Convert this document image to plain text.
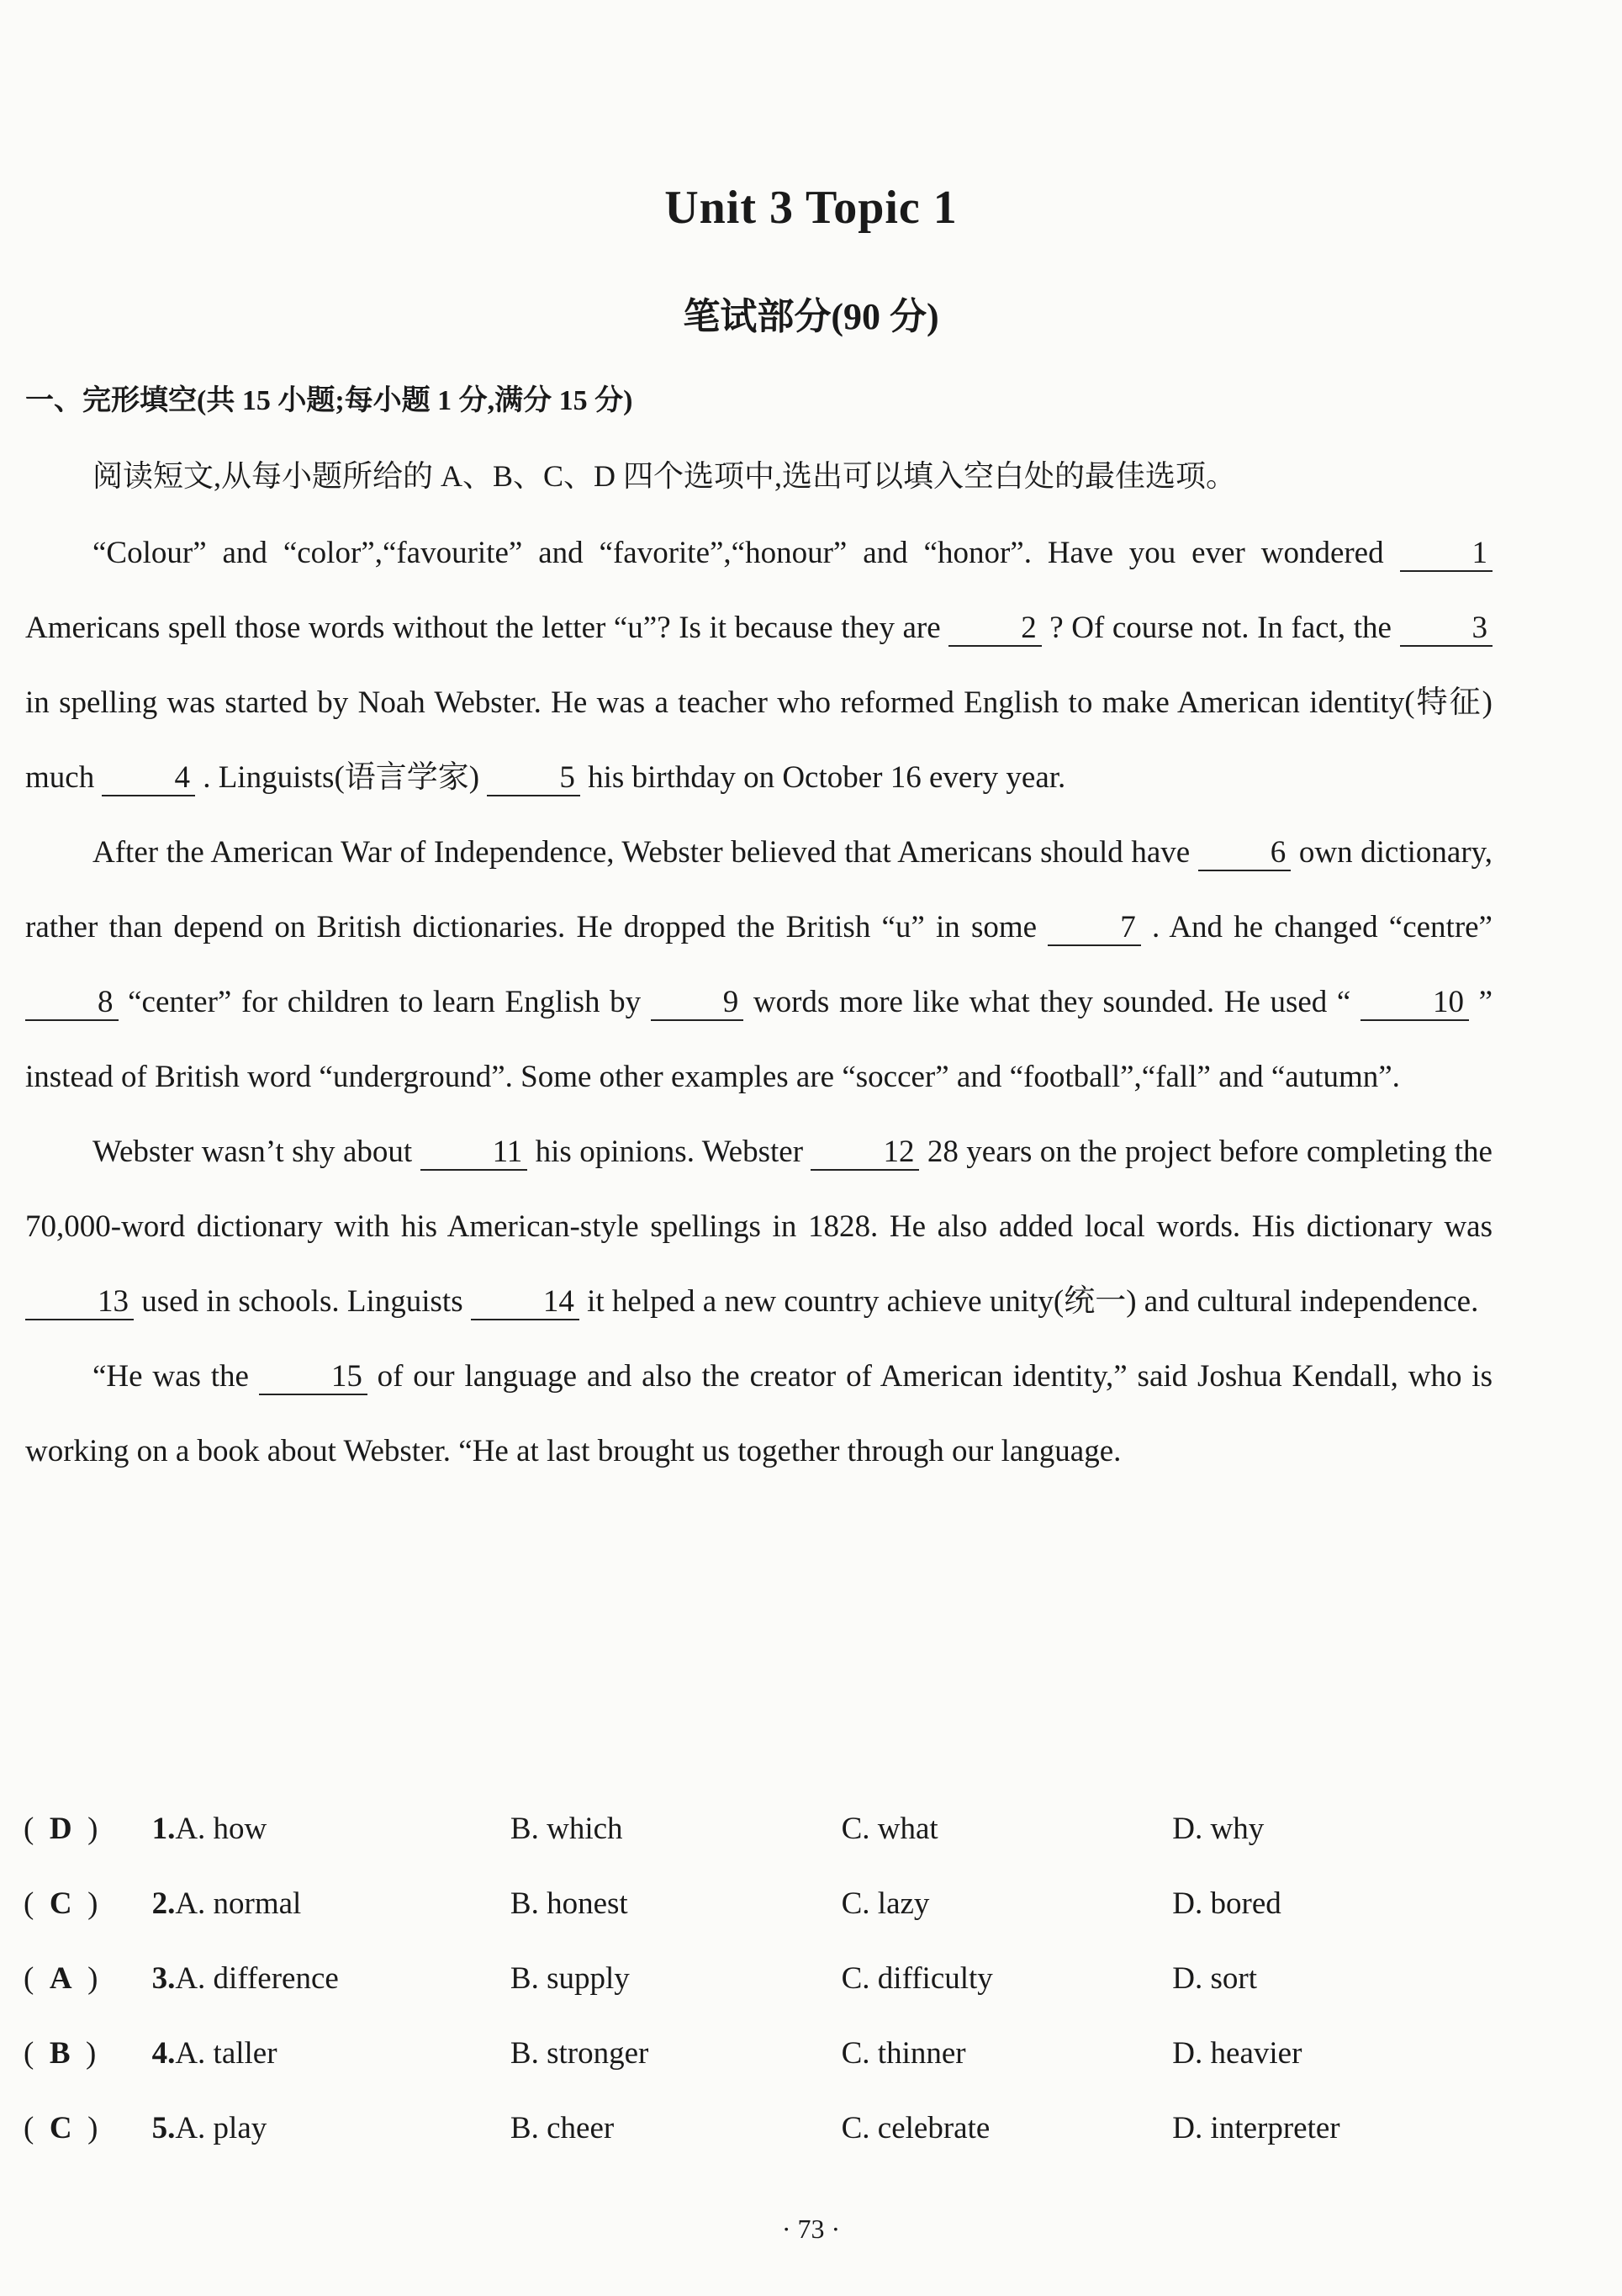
Unit 3 Topic 1
笔试部分(90 分)
一、完形填空(共 15 小题;每小题 1 分,满分 15 分)
阅读短文,从每小题所给的 A、B、C、D 四个选项中,选出可以填入空白处的最佳选项。

“Colour” and “color”,“favourite” and “favorite”,“honour” and “honor”. Have you ever wondered 1 Americans spell those words without the letter “u”? Is it because they are 2 ? Of course not. In fact, the 3 in spelling was started by Noah Webster. He was a teacher who reformed English to make American identity(特征) much 4 . Linguists(语言学家) 5 his birthday on October 16 every year.

After the American War of Independence, Webster believed that Americans should have 6 own dictionary, rather than depend on British dictionaries. He dropped the British “u” in some 7 . And he changed “centre” 8 “center” for children to learn English by 9 words more like what they sounded. He used “ 10 ” instead of British word “underground”. Some other examples are “soccer” and “football”,“fall” and “autumn”.

Webster wasn’t shy about 11 his opinions. Webster 12 28 years on the project before completing the 70,000-word dictionary with his American-style spellings in 1828. He also added local words. His dictionary was 13 used in schools. Linguists 14 it helped a new country achieve unity(统一) and cultural independence.

“He was the 15 of our language and also the creator of American identity,” said Joshua Kendall, who is working on a book about Webster. “He at last brought us together through our language.

(  D  )	1. A. how	B. which	C. what	D. why
(  C  )	2. A. normal	B. honest	C. lazy	D. bored
(  A  )	3. A. difference	B. supply	C. difficulty	D. sort
(  B  )	4. A. taller	B. stronger	C. thinner	D. heavier
(  C  )	5. A. play	B. cheer	C. celebrate	D. interpreter
· 73 ·
